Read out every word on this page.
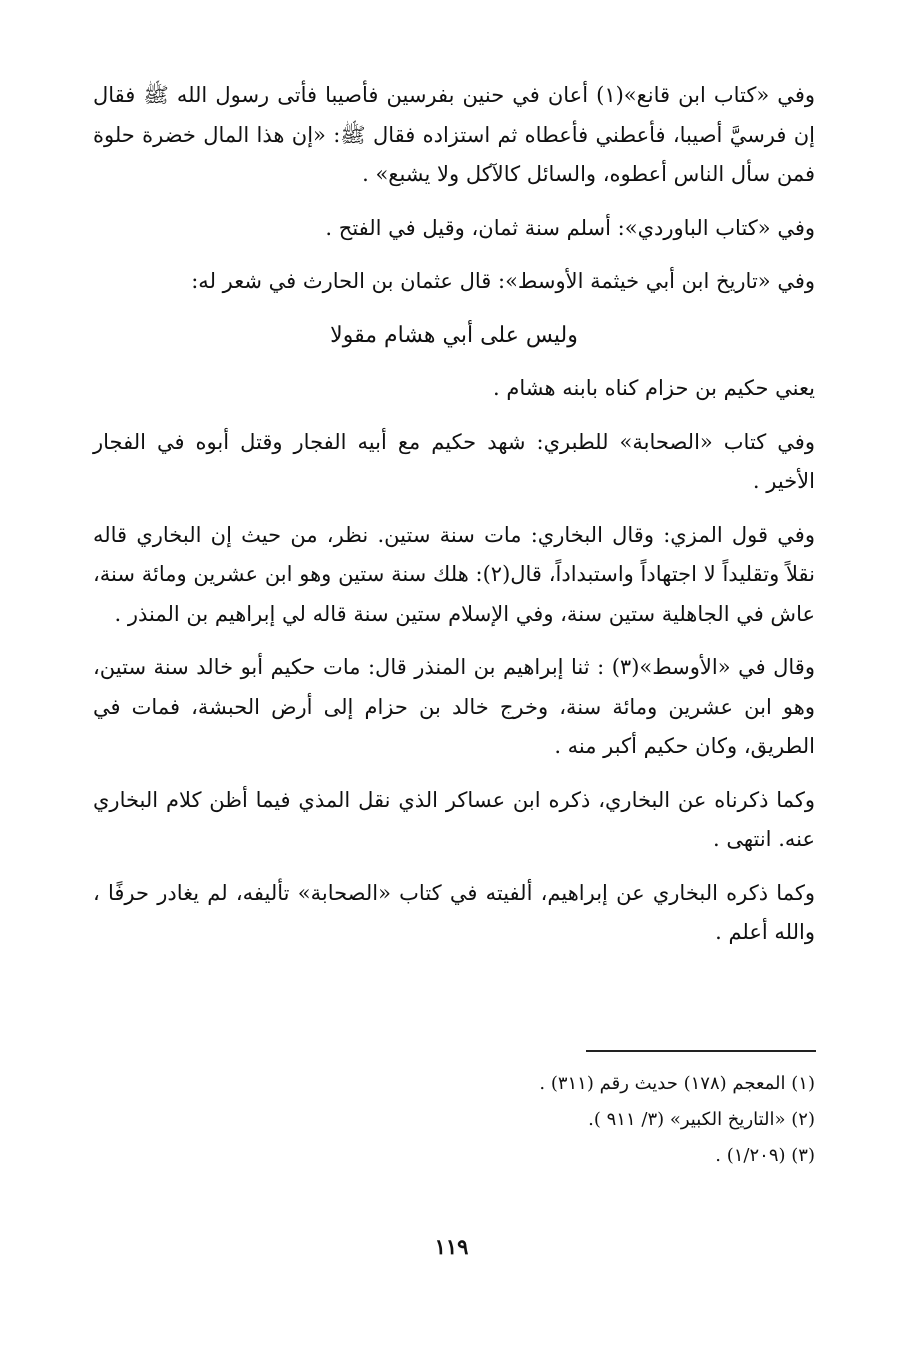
وفي «كتاب ابن قانع»(١) أعان في حنين بفرسين فأصيبا فأتى رسول الله ﷺ فقال إن فرسيَّ أصيبا، فأعطني فأعطاه ثم استزاده فقال ﷺ: «إن هذا المال خضرة حلوة فمن سأل الناس أعطوه، والسائل كالآكل ولا يشبع» .

وفي «كتاب الباوردي»: أسلم سنة ثمان، وقيل في الفتح .

وفي «تاريخ ابن أبي خيثمة الأوسط»: قال عثمان بن الحارث في شعر له:

وليس على أبي هشام مقولا

يعني حكيم بن حزام كناه بابنه هشام .

وفي كتاب «الصحابة» للطبري: شهد حكيم مع أبيه الفجار وقتل أبوه في الفجار الأخير .

وفي قول المزي: وقال البخاري: مات سنة ستين. نظر، من حيث إن البخاري قاله نقلاً وتقليداً لا اجتهاداً واستبداداً، قال(٢): هلك سنة ستين وهو ابن عشرين ومائة سنة، عاش في الجاهلية ستين سنة، وفي الإسلام ستين سنة قاله لي إبراهيم بن المنذر .

وقال في «الأوسط»(٣) : ثنا إبراهيم بن المنذر قال: مات حكيم أبو خالد سنة ستين، وهو ابن عشرين ومائة سنة، وخرج خالد بن حزام إلى أرض الحبشة، فمات في الطريق، وكان حكيم أكبر منه .

وكما ذكرناه عن البخاري، ذكره ابن عساكر الذي نقل المذي فيما أظن كلام البخاري عنه. انتهى .

وكما ذكره البخاري عن إبراهيم، ألفيته في كتاب «الصحابة» تأليفه، لم يغادر حرفًا ، والله أعلم .

(١) المعجم (١٧٨) حديث رقم (٣١١) .

(٢) «التاريخ الكبير» (٣/ ٩١١ ).

(٣) (١/٢٠٩) .

١١٩
